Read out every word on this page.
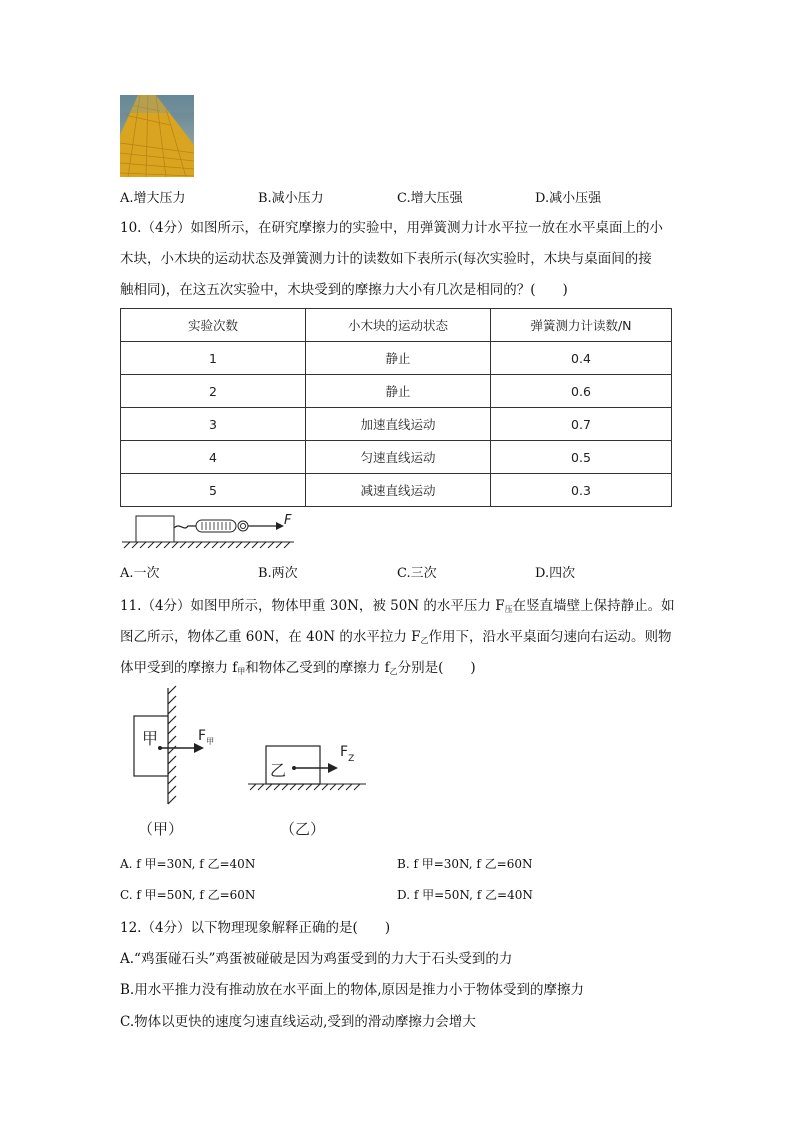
A.增大压力	B.减小压力	C.增大压强	D.减小压强
10.（4分）如图所示，在研究摩擦力的实验中，用弹簧测力计水平拉一放在水平桌面上的小
木块，小木块的运动状态及弹簧测力计的读数如下表所示(每次实验时，木块与桌面间的接
触相同)，在这五次实验中，木块受到的摩擦力大小有几次是相同的？(　　)
实验次数	小木块的运动状态	弹簧测力计读数/N
1	静止	0.4
2	静止	0.6
3	加速直线运动	0.7
4	匀速直线运动	0.5
5	减速直线运动	0.3
F
A.一次	B.两次	C.三次	D.四次
11.（4分）如图甲所示，物体甲重 30N，被 50N 的水平压力 $F_压$在竖直墙壁上保持静止。如
图乙所示，物体乙重 60N，在 40N 的水平拉力 $F_乙$作用下，沿水平桌面匀速向右运动。则物
体甲受到的摩擦力 $f_甲$和物体乙受到的摩擦力 $f_乙$分别是(　　)
甲	$F_甲$
（甲）
乙
$F_Z$
（乙）
A. f 甲=30N, f 乙=40N	B. f 甲=30N, f 乙=60N
C. f 甲=50N, f 乙=60N	D. f 甲=50N, f 乙=40N
12.（4分）以下物理现象解释正确的是(　　)
A.“鸡蛋碰石头”鸡蛋被碰破是因为鸡蛋受到的力大于石头受到的力
B.用水平推力没有推动放在水平面上的物体,原因是推力小于物体受到的摩擦力
C.物体以更快的速度匀速直线运动,受到的滑动摩擦力会增大
